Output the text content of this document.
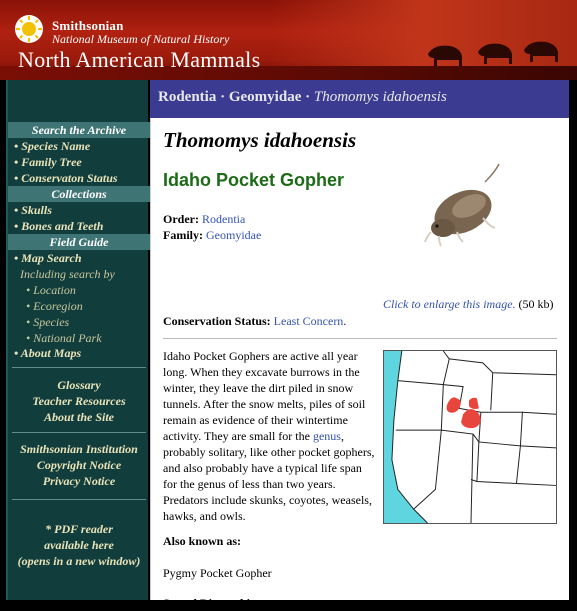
Smithsonian
National Museum of Natural History
North American Mammals
Search the Archive
• Species Name
• Family Tree
• Conservaton Status
Collections
• Skulls
• Bones and Teeth
Field Guide
• Map Search
Including search by
• Location
• Ecoregion
• Species
• National Park
• About Maps
Glossary
Teacher Resources
About the Site
Smithsonian Institution
Copyright Notice
Privacy Notice
* PDF reader
available here
(opens in a new window)
Rodentia · Geomyidae · Thomomys idahoensis
Thomomys idahoensis
Idaho Pocket Gopher
Order: Rodentia
Family: Geomyidae
Click to enlarge this image. (50 kb)
Conservation Status: Least Concern.
Idaho Pocket Gophers are active all year long. When they excavate burrows in the winter, they leave the dirt piled in snow tunnels. After the snow melts, piles of soil remain as evidence of their wintertime activity. They are small for the genus, probably solitary, like other pocket gophers, and also probably have a typical life span for the genus of less than two years. Predators include skunks, coyotes, weasels, hawks, and owls.
Also known as:
Pygmy Pocket Gopher
Sexual Dimorphism:
